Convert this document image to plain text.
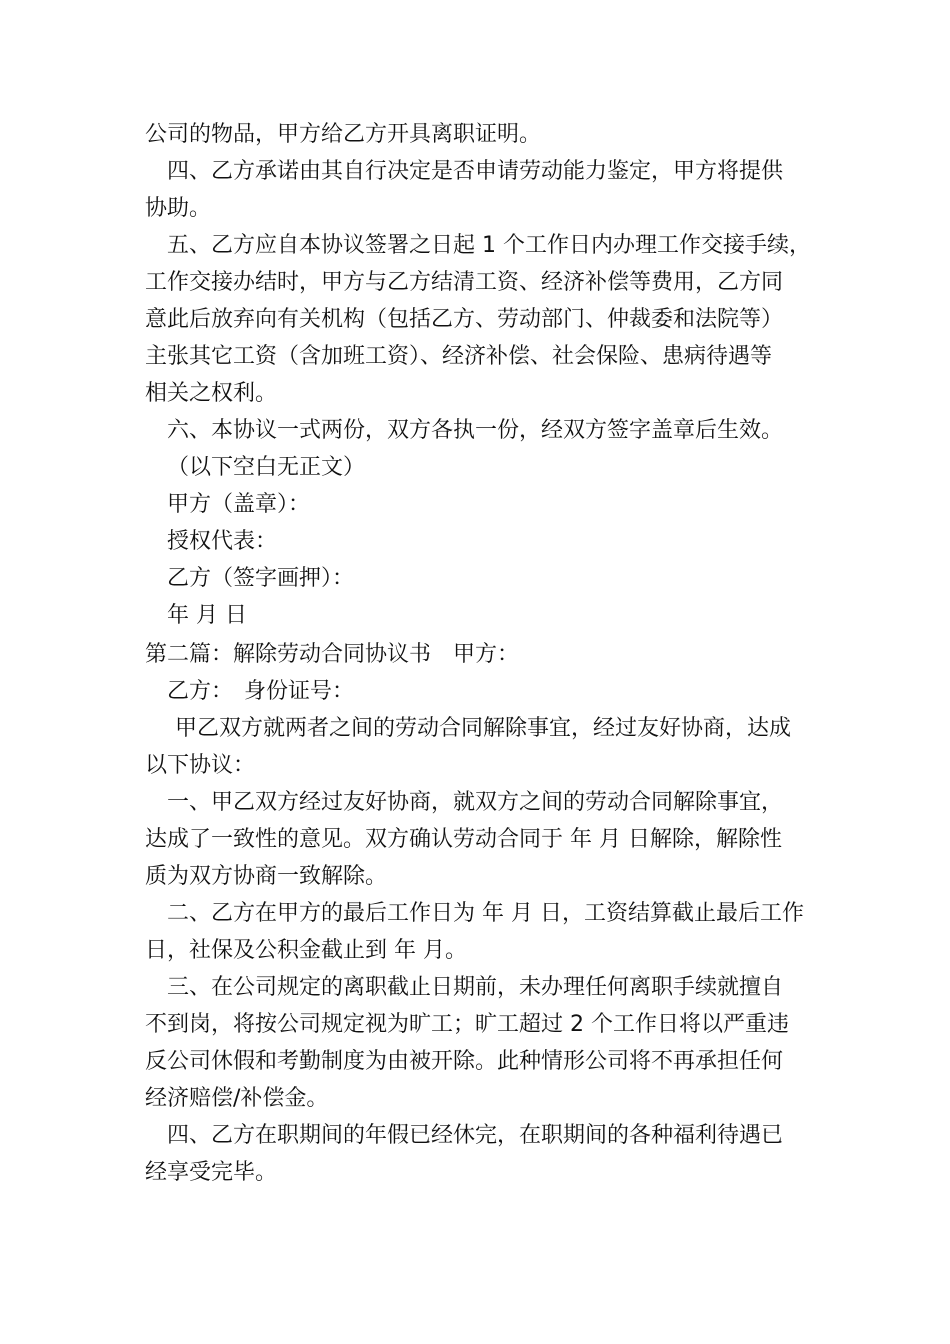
公司的物品，甲方给乙方开具离职证明。
四、乙方承诺由其自行决定是否申请劳动能力鉴定，甲方将提供
协助。
五、乙方应自本协议签署之日起 1 个工作日内办理工作交接手续，
工作交接办结时，甲方与乙方结清工资、经济补偿等费用，乙方同
意此后放弃向有关机构（包括乙方、劳动部门、仲裁委和法院等）
主张其它工资（含加班工资）、经济补偿、社会保险、患病待遇等
相关之权利。
六、本协议一式两份，双方各执一份，经双方签字盖章后生效。
（以下空白无正文）
甲方（盖章）：
授权代表：
乙方（签字画押）：
年 月 日
第二篇：解除劳动合同协议书　甲方：
乙方：　身份证号：
甲乙双方就两者之间的劳动合同解除事宜，经过友好协商，达成
以下协议：
一、甲乙双方经过友好协商，就双方之间的劳动合同解除事宜，
达成了一致性的意见。双方确认劳动合同于 年 月 日解除，解除性
质为双方协商一致解除。
二、乙方在甲方的最后工作日为 年 月 日，工资结算截止最后工作
日，社保及公积金截止到 年 月。
三、在公司规定的离职截止日期前，未办理任何离职手续就擅自
不到岗，将按公司规定视为旷工；旷工超过 2 个工作日将以严重违
反公司休假和考勤制度为由被开除。此种情形公司将不再承担任何
经济赔偿/补偿金。
四、乙方在职期间的年假已经休完，在职期间的各种福利待遇已
经享受完毕。
